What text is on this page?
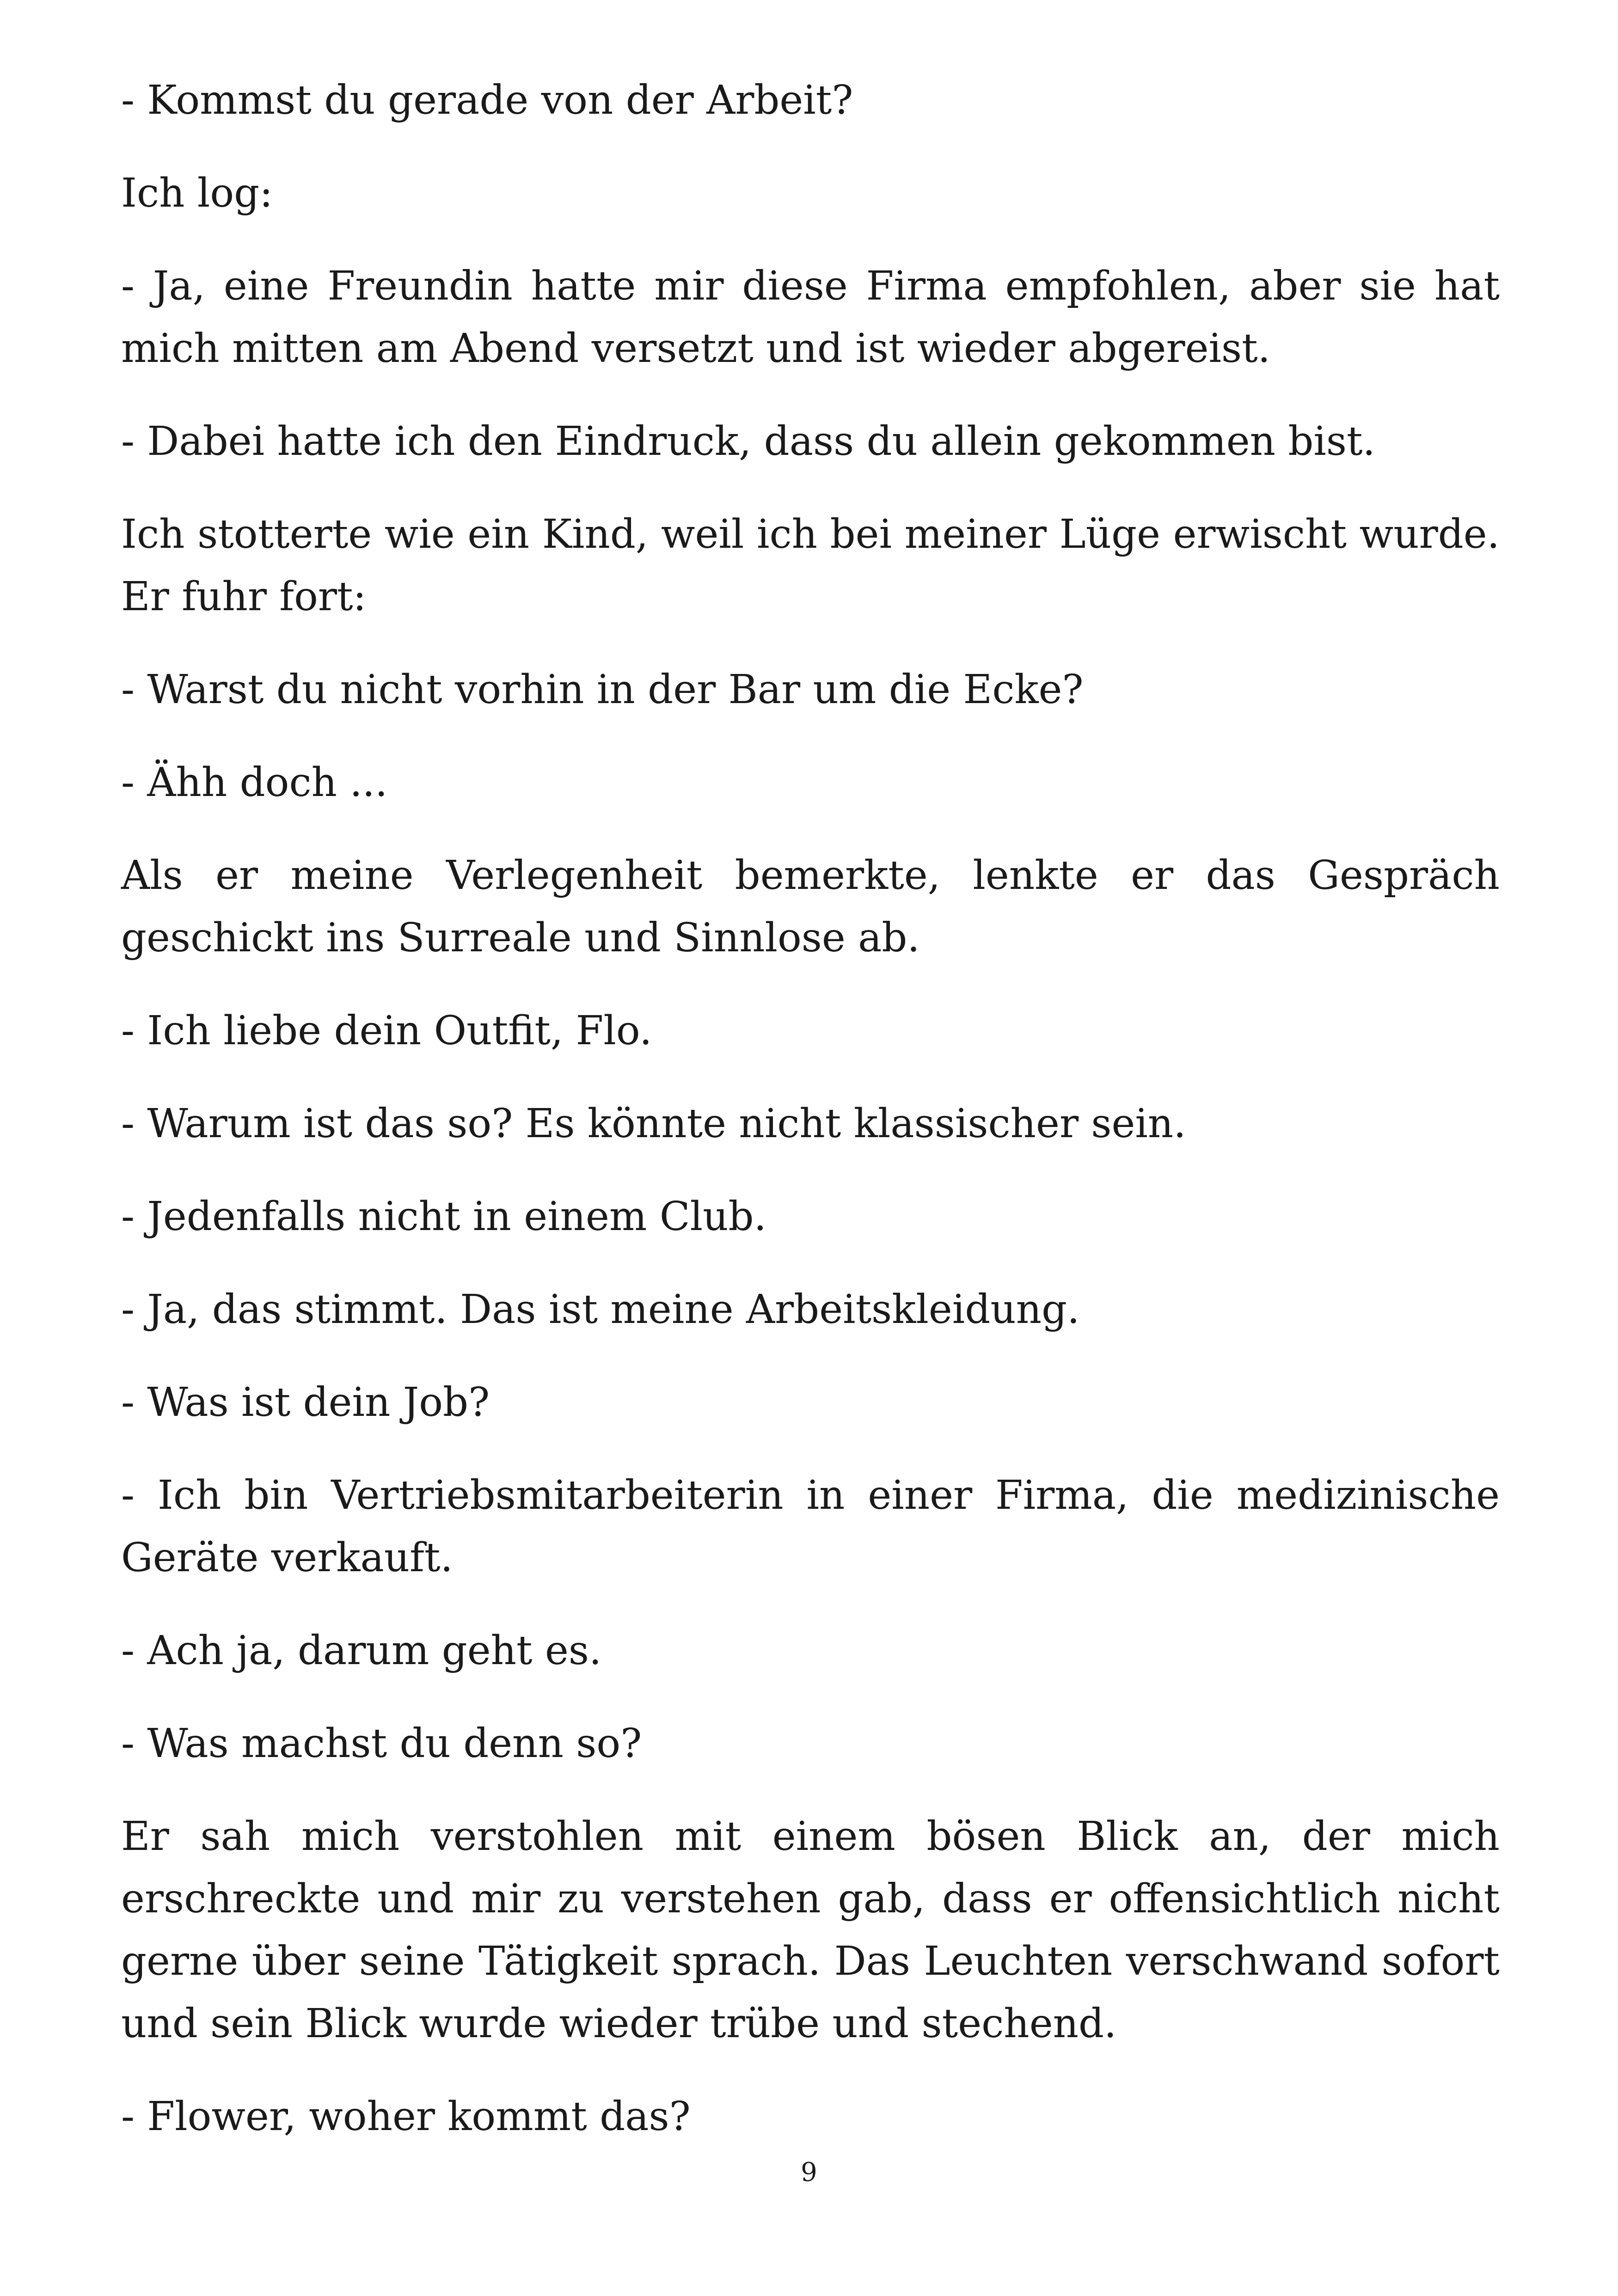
- Kommst du gerade von der Arbeit?

Ich log:

- Ja, eine Freundin hatte mir diese Firma empfohlen, aber sie hat mich mitten am Abend versetzt und ist wieder abgereist.

- Dabei hatte ich den Eindruck, dass du allein gekommen bist.

Ich stotterte wie ein Kind, weil ich bei meiner Lüge erwischt wurde. Er fuhr fort:

- Warst du nicht vorhin in der Bar um die Ecke?

- Ähh doch ...

Als er meine Verlegenheit bemerkte, lenkte er das Gespräch geschickt ins Surreale und Sinnlose ab.

- Ich liebe dein Outfit, Flo.

- Warum ist das so? Es könnte nicht klassischer sein.

- Jedenfalls nicht in einem Club.

- Ja, das stimmt. Das ist meine Arbeitskleidung.

- Was ist dein Job?

- Ich bin Vertriebsmitarbeiterin in einer Firma, die medizinische Geräte verkauft.

- Ach ja, darum geht es.

- Was machst du denn so?

Er sah mich verstohlen mit einem bösen Blick an, der mich erschreckte und mir zu verstehen gab, dass er offensichtlich nicht gerne über seine Tätigkeit sprach. Das Leuchten verschwand sofort und sein Blick wurde wieder trübe und stechend.

- Flower, woher kommt das?

9
